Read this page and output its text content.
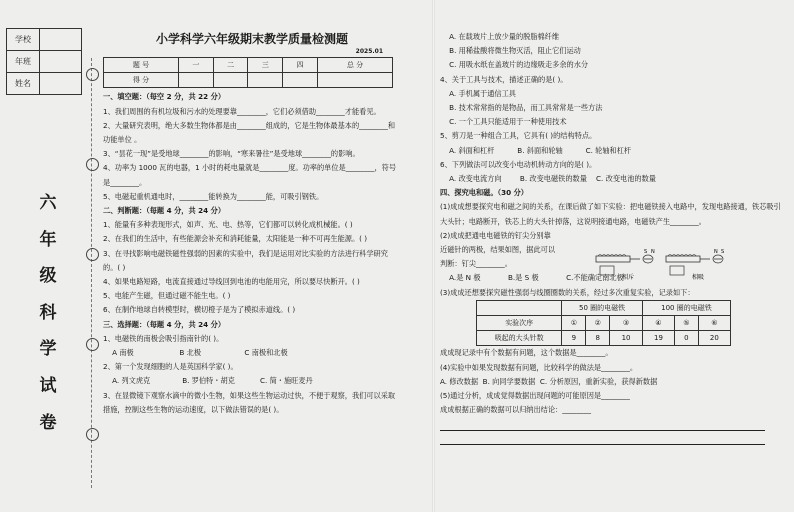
学校	
年班	
姓名	
六
年
级
科
学
试
卷
小学科学六年级期末教学质量检测题
2025.01
题 号	一	二	三	四	总 分
得 分					

一、填空题：（每空 2 分，共 22 分）

1、我们周围的有机垃圾和污水的处理要靠________，它们必须借助________才能看见。

2、大量研究表明，绝大多数生物体都是由________组成的，它是生物体最基本的________和功能单位 。

3、“昙花一现”是受地球________的影响，“寒来暑往”是受地球________的影响。

4、功率为 1000 瓦的电器，1 小时的耗电量就是________度。功率的单位是________，符号是________。

5、电磁起重机通电时，________能转换为________能，可吸引钢铁。

二、判断题：（每题 4 分，共 24 分）

1、能量有多种表现形式，如声、光、电、热等，它们都可以转化成机械能。( )

2、在我们的生活中，有些能源会补充和消耗能量，太阳能是一种不可再生能源。( )

3、在寻找影响电磁铁磁性强弱的因素的实验中，我们是运用对比实验的方法进行科学研究的。( )

4、如果电路短路，电流直接通过导线回到电池的电能用完，所以要尽快断开。( )

5、电能产生磁，但通过磁不能生电。( )

6、在制作地球自转模型时，横切橙子是为了模拟赤道线。( )

三、选择题：（每题 4 分，共 24 分）

1、电磁铁的南极会吸引指南针的( )。

A 南极                    B 北极                   C 南极和北极

2、第一个发现细胞的人是英国科学家( )。

A. 列文虎克              B. 罗伯特・胡克           C. 简・施旺麦丹

3、在显微镜下观察水滴中的微小生物，如果这些生物运动过快，不便于观察，我们可以采取措施，控制这些生物的运动速度，以下做法错误的是( )。

A. 在载玻片上放少量的脱脂棉纤维

B. 用稀盐酸将微生物灭活，阻止它们运动

C. 用吸水纸在盖玻片的边缘吸走多余的水分

4、关于工具与技术，描述正确的是( )。

A. 手机属于通信工具

B. 技术常常指的是物品，而工具常常是一些方法

C. 一个工具只能适用于一种使用技术

5、剪刀是一种组合工具，它具有( )的结构特点。

A. 斜面和杠杆          B. 斜面和轮轴          C. 轮轴和杠杆

6、下列做法可以改变小电动机转动方向的是( )。

A. 改变电流方向        B. 改变电磁铁的数量    C. 改变电池的数量

四、探究电和磁。（30 分）

(1)成成想要探究电和磁之间的关系，在课后做了如下实验：把电磁铁接入电路中，发现电路接通，铁芯吸引大头针；电路断开，铁芯上的大头针掉落，这说明接通电路，电磁铁产生________。

(2)成成把通电电磁铁的钉尖分别靠

近磁针的两极，结果如图，据此可以

判断：钉尖________。

A.是 N 极            B.是 S 极            C.不能确定南北极

(3)成成还想要探究磁性强弱与线圈圈数的关系，经过多次重复实验，记录如下：

	50 圈的电磁铁			100 圈的电磁铁		
实验次序	①	②	③	④	⑤	⑥
吸起的大头针数	9	8	10	19	0	20

成成现记录中有个数据有问题，这个数据是________。

(4)实验中如果发现数据有问题，比较科学的做法是________。

A. 修改数据  B. 向同学要数据  C. 分析原因，重新实验，获得新数据

(5)通过分析，成成觉得数据出现问题的可能原因是________

成成根据正确的数据可以归纳出结论：________

S N	N S
相斥	相吸
